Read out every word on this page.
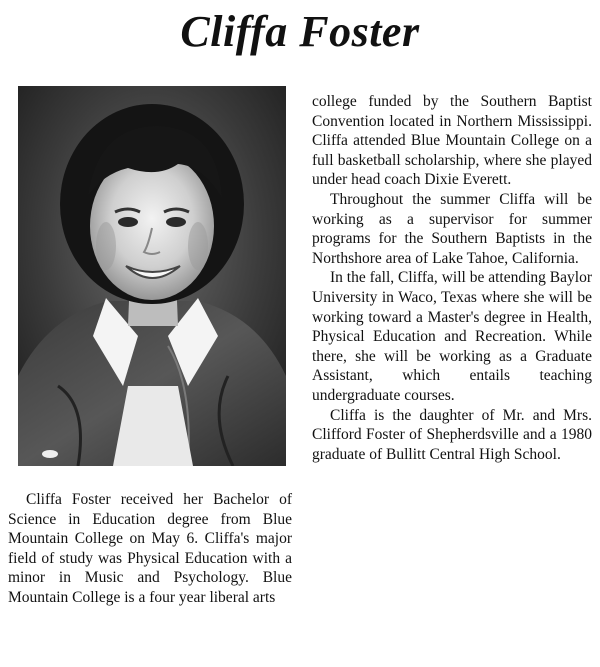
Cliffa Foster

Cliffa Foster received her Bachelor of Science in Education degree from Blue Mountain College on May 6. Cliffa's major field of study was Physical Education with a minor in Music and Psychology. Blue Mountain College is a four year liberal arts

college funded by the Southern Baptist Convention located in Northern Mississippi. Cliffa attended Blue Mountain College on a full basketball scholarship, where she played under head coach Dixie Everett.

Throughout the summer Cliffa will be working as a supervisor for summer programs for the Southern Baptists in the Northshore area of Lake Tahoe, California.

In the fall, Cliffa, will be attending Baylor University in Waco, Texas where she will be working toward a Master's degree in Health, Physical Education and Recreation. While there, she will be working as a Graduate Assistant, which entails teaching undergraduate courses.

Cliffa is the daughter of Mr. and Mrs. Clifford Foster of Shepherdsville and a 1980 graduate of Bullitt Central High School.
